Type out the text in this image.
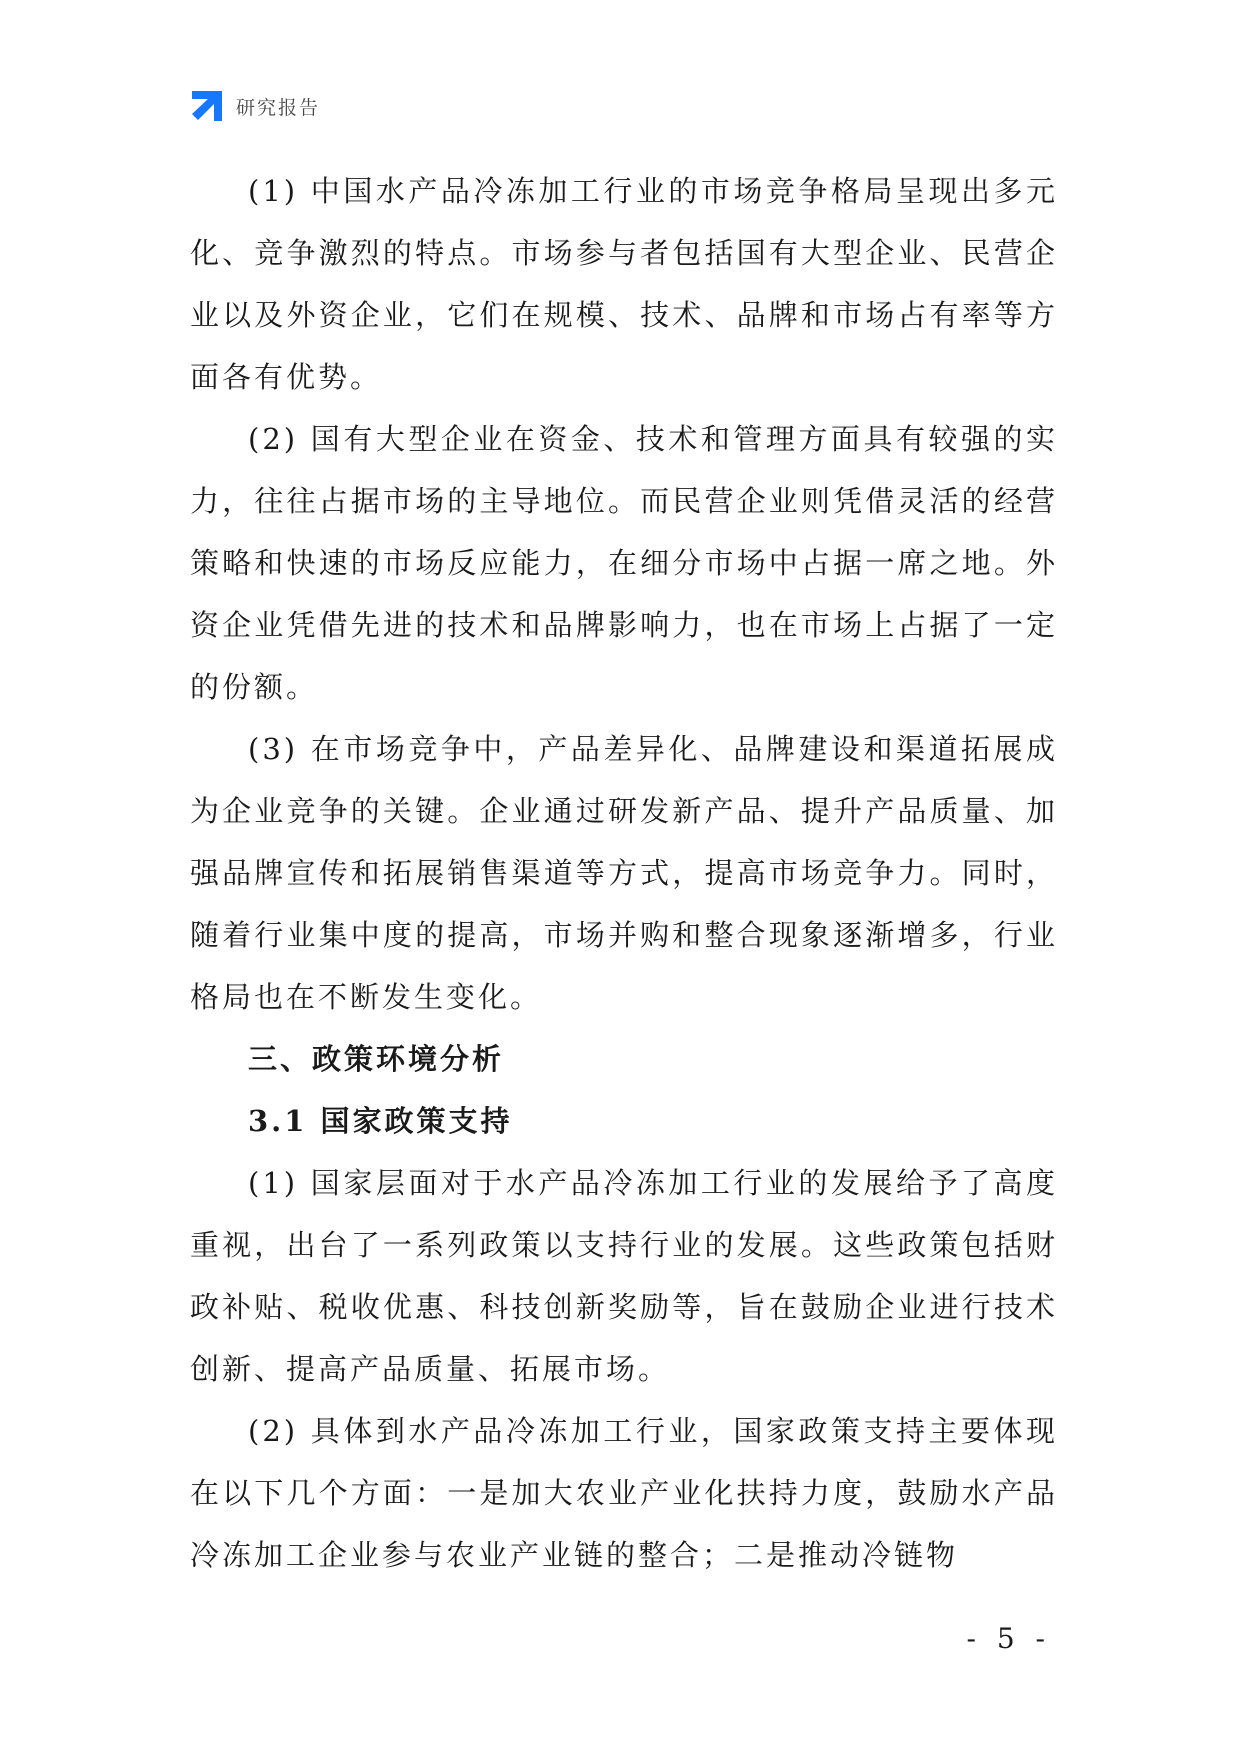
研究报告

(1) 中国水产品冷冻加工行业的市场竞争格局呈现出多元化、竞争激烈的特点。市场参与者包括国有大型企业、民营企业以及外资企业，它们在规模、技术、品牌和市场占有率等方面各有优势。

(2) 国有大型企业在资金、技术和管理方面具有较强的实力，往往占据市场的主导地位。而民营企业则凭借灵活的经营策略和快速的市场反应能力，在细分市场中占据一席之地。外资企业凭借先进的技术和品牌影响力，也在市场上占据了一定的份额。

(3) 在市场竞争中，产品差异化、品牌建设和渠道拓展成为企业竞争的关键。企业通过研发新产品、提升产品质量、加强品牌宣传和拓展销售渠道等方式，提高市场竞争力。同时，随着行业集中度的提高，市场并购和整合现象逐渐增多，行业格局也在不断发生变化。

三、政策环境分析
3.1 国家政策支持

(1) 国家层面对于水产品冷冻加工行业的发展给予了高度重视，出台了一系列政策以支持行业的发展。这些政策包括财政补贴、税收优惠、科技创新奖励等，旨在鼓励企业进行技术创新、提高产品质量、拓展市场。

(2) 具体到水产品冷冻加工行业，国家政策支持主要体现在以下几个方面：一是加大农业产业化扶持力度，鼓励水产品冷冻加工企业参与农业产业链的整合；二是推动冷链物

- 5 -
